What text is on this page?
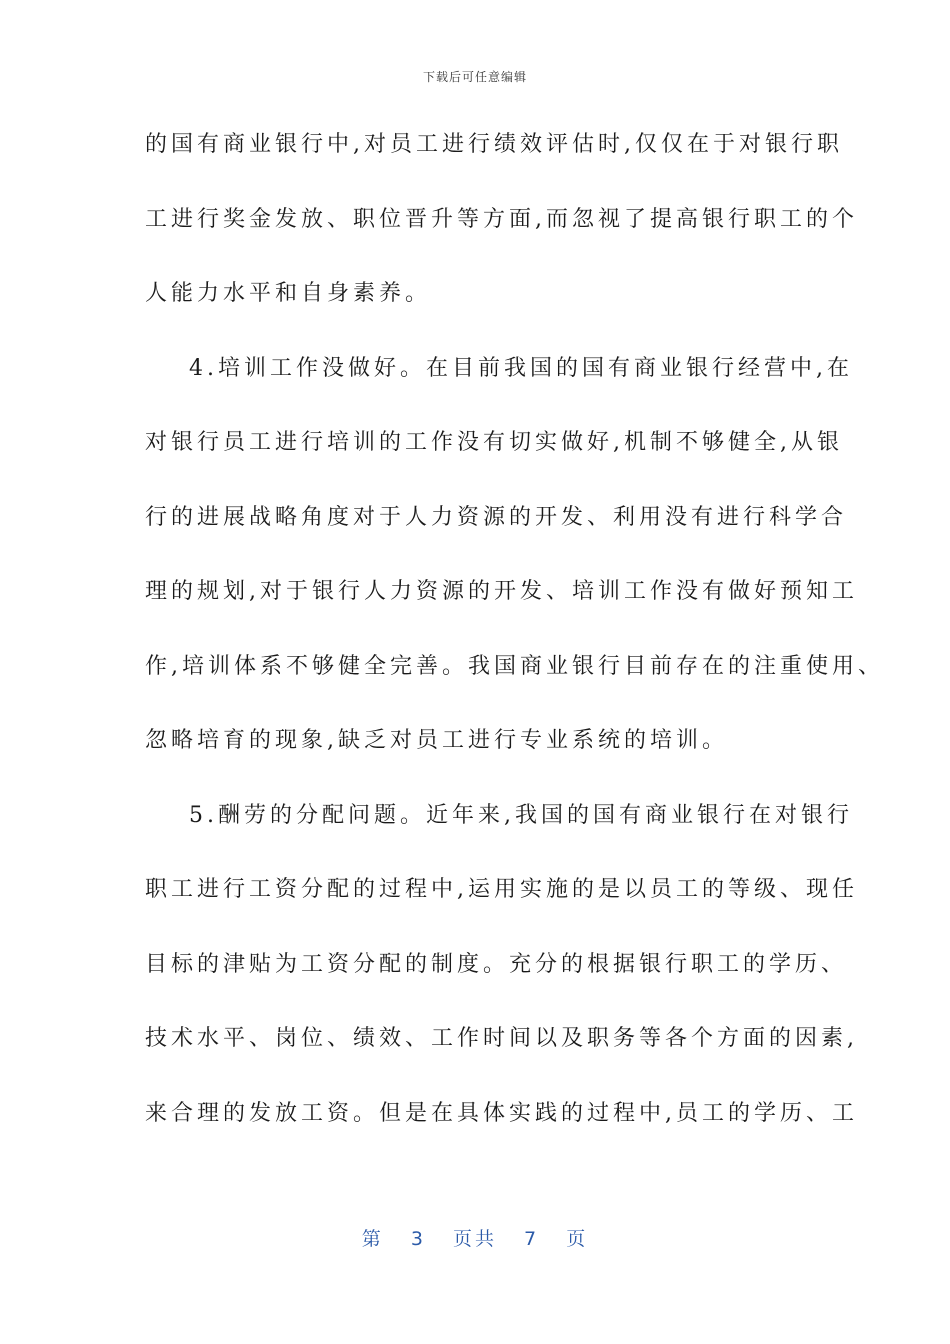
下载后可任意编辑
的国有商业银行中,对员工进行绩效评估时,仅仅在于对银行职
工进行奖金发放、职位晋升等方面,而忽视了提高银行职工的个
人能力水平和自身素养。
4.培训工作没做好。在目前我国的国有商业银行经营中,在
对银行员工进行培训的工作没有切实做好,机制不够健全,从银
行的进展战略角度对于人力资源的开发、利用没有进行科学合
理的规划,对于银行人力资源的开发、培训工作没有做好预知工
作,培训体系不够健全完善。我国商业银行目前存在的注重使用、
忽略培育的现象,缺乏对员工进行专业系统的培训。
5.酬劳的分配问题。近年来,我国的国有商业银行在对银行
职工进行工资分配的过程中,运用实施的是以员工的等级、现任
目标的津贴为工资分配的制度。充分的根据银行职工的学历、
技术水平、岗位、绩效、工作时间以及职务等各个方面的因素,
来合理的发放工资。但是在具体实践的过程中,员工的学历、工
第 3 页共 7 页
